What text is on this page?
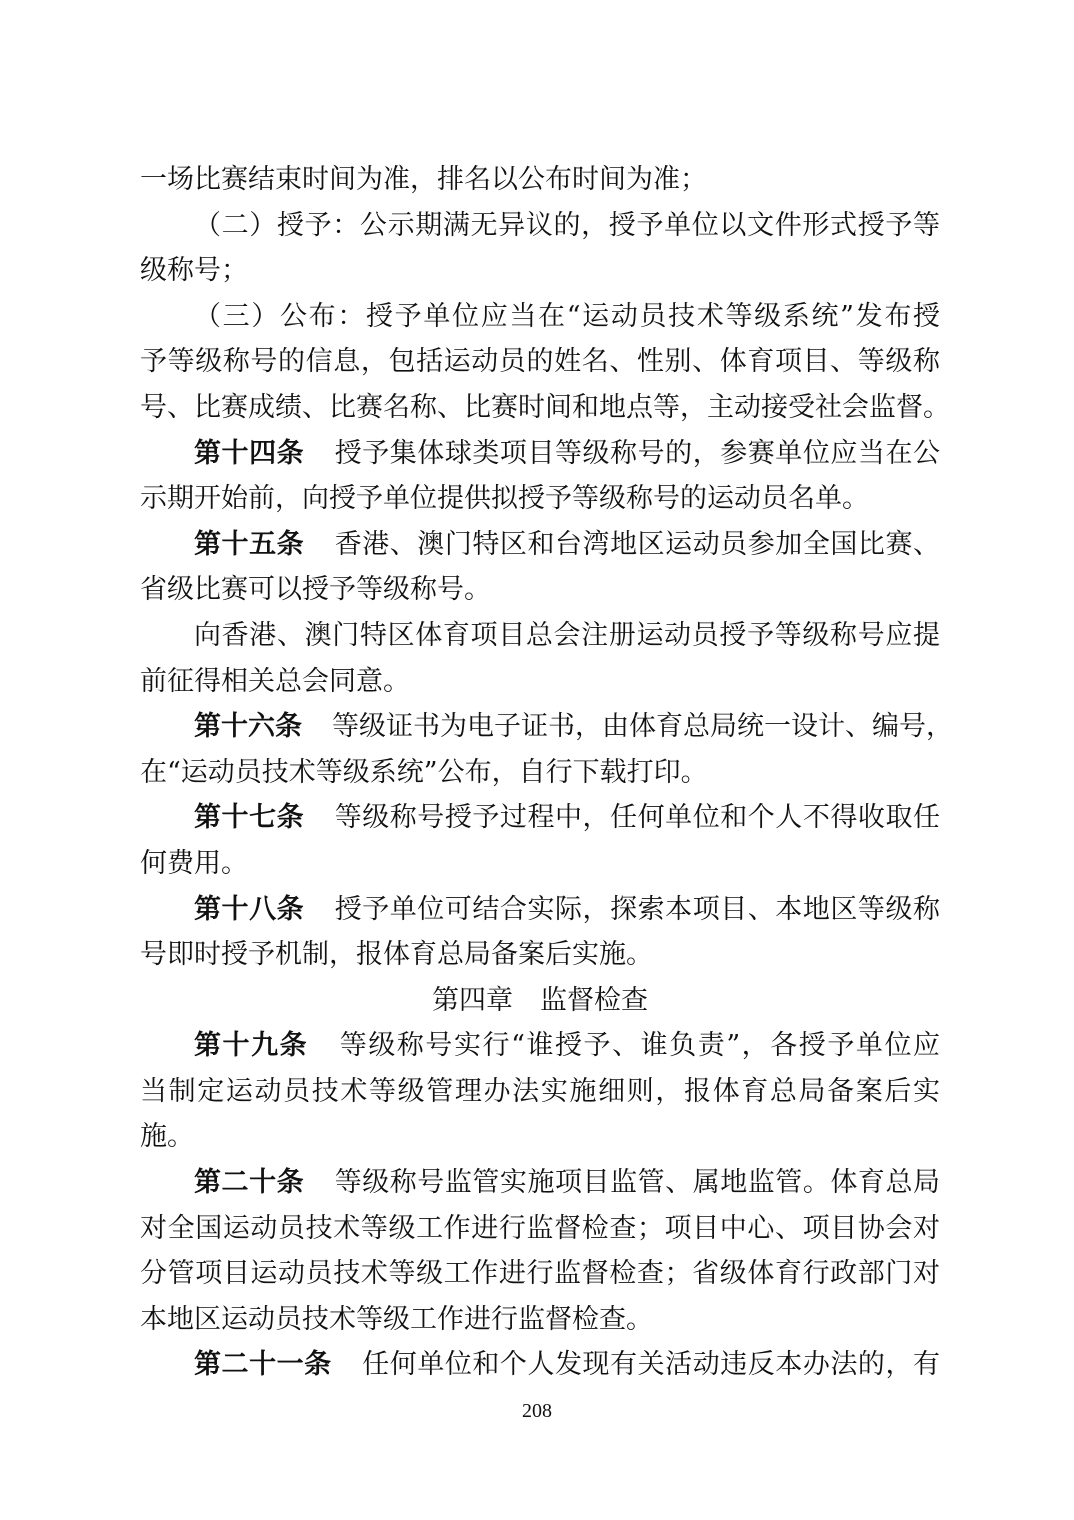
一场比赛结束时间为准，排名以公布时间为准；
（二）授予：公示期满无异议的，授予单位以文件形式授予等
级称号；
（三）公布：授予单位应当在“运动员技术等级系统”发布授
予等级称号的信息，包括运动员的姓名、性别、体育项目、等级称
号、比赛成绩、比赛名称、比赛时间和地点等，主动接受社会监督。
第十四条 授予集体球类项目等级称号的，参赛单位应当在公
示期开始前，向授予单位提供拟授予等级称号的运动员名单。
第十五条 香港、澳门特区和台湾地区运动员参加全国比赛、
省级比赛可以授予等级称号。
向香港、澳门特区体育项目总会注册运动员授予等级称号应提
前征得相关总会同意。
第十六条 等级证书为电子证书，由体育总局统一设计、编号，
在“运动员技术等级系统”公布，自行下载打印。
第十七条 等级称号授予过程中，任何单位和个人不得收取任
何费用。
第十八条 授予单位可结合实际，探索本项目、本地区等级称
号即时授予机制，报体育总局备案后实施。
第四章　监督检查
第十九条 等级称号实行“谁授予、谁负责”，各授予单位应
当制定运动员技术等级管理办法实施细则，报体育总局备案后实
施。
第二十条 等级称号监管实施项目监管、属地监管。体育总局
对全国运动员技术等级工作进行监督检查；项目中心、项目协会对
分管项目运动员技术等级工作进行监督检查；省级体育行政部门对
本地区运动员技术等级工作进行监督检查。
第二十一条 任何单位和个人发现有关活动违反本办法的，有
208
